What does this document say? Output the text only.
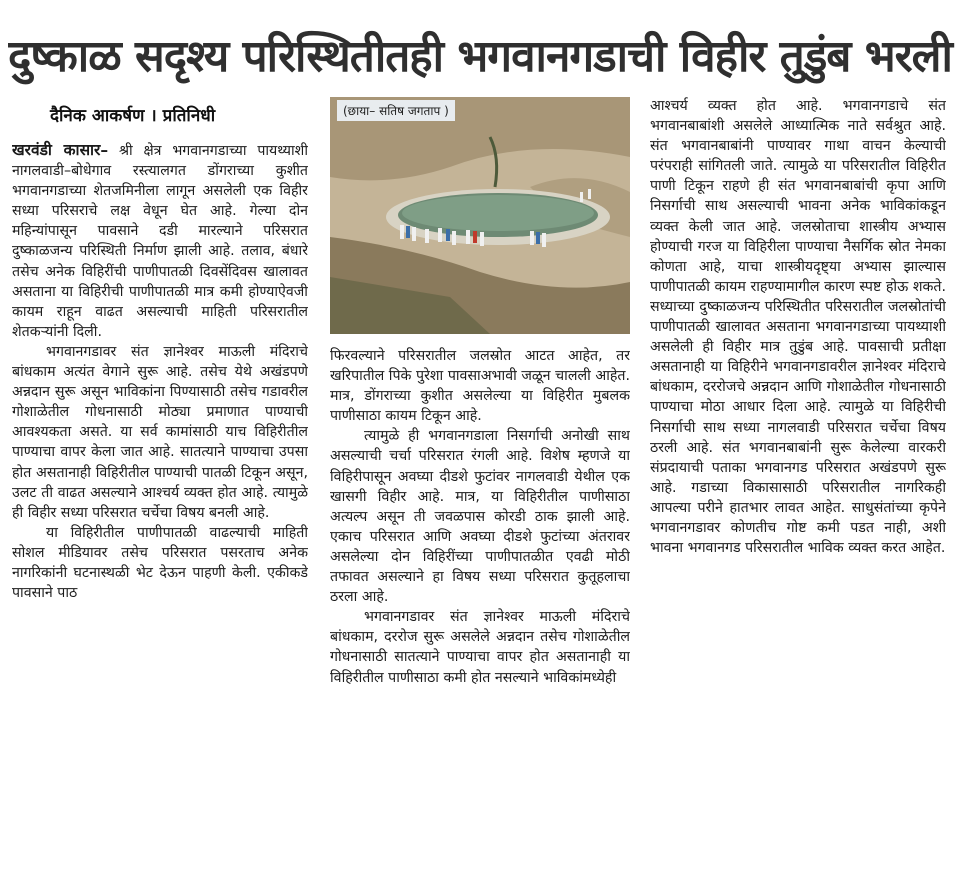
दुष्काळ सदृश्य परिस्थितीतही भगवानगडाची विहीर तुडुंब भरली
दैनिक आकर्षण । प्रतिनिधी	(छाया– सतिष जगताप )

खरवंडी कासार– श्री क्षेत्र भगवानगडाच्या पायथ्याशी नागलवाडी–बोधेगाव रस्त्यालगत डोंगराच्या कुशीत भगवानगडाच्या शेतजमिनीला लागून असलेली एक विहीर सध्या परिसराचे लक्ष वेधून घेत आहे. गेल्या दोन महिन्यांपासून पावसाने दडी मारल्याने परिसरात दुष्काळजन्य परिस्थिती निर्माण झाली आहे. तलाव, बंधारे तसेच अनेक विहिरींची पाणीपातळी दिवसेंदिवस खालावत असताना या विहिरीची पाणीपातळी मात्र कमी होण्याऐवजी कायम राहून वाढत असल्याची माहिती परिसरातील शेतकऱ्यांनी दिली.

भगवानगडावर संत ज्ञानेश्वर माऊली मंदिराचे बांधकाम अत्यंत वेगाने सुरू आहे. तसेच येथे अखंडपणे अन्नदान सुरू असून भाविकांना पिण्यासाठी तसेच गडावरील गोशाळेतील गोधनासाठी मोठ्या प्रमाणात पाण्याची आवश्यकता असते. या सर्व कामांसाठी याच विहिरीतील पाण्याचा वापर केला जात आहे. सातत्याने पाण्याचा उपसा होत असतानाही विहिरीतील पाण्याची पातळी टिकून असून, उलट ती वाढत असल्याने आश्चर्य व्यक्त होत आहे. त्यामुळे ही विहीर सध्या परिसरात चर्चेचा विषय बनली आहे.

या विहिरीतील पाणीपातळी वाढल्याची माहिती सोशल मीडियावर तसेच परिसरात पसरताच अनेक नागरिकांनी घटनास्थळी भेट देऊन पाहणी केली. एकीकडे पावसाने पाठ

फिरवल्याने परिसरातील जलस्रोत आटत आहेत, तर खरिपातील पिके पुरेशा पावसाअभावी जळून चालली आहेत. मात्र, डोंगराच्या कुशीत असलेल्या या विहिरीत मुबलक पाणीसाठा कायम टिकून आहे.

त्यामुळे ही भगवानगडाला निसर्गाची अनोखी साथ असल्याची चर्चा परिसरात रंगली आहे. विशेष म्हणजे या विहिरीपासून अवघ्या दीडशे फुटांवर नागलवाडी येथील एक खासगी विहीर आहे. मात्र, या विहिरीतील पाणीसाठा अत्यल्प असून ती जवळपास कोरडी ठाक झाली आहे. एकाच परिसरात आणि अवघ्या दीडशे फुटांच्या अंतरावर असलेल्या दोन विहिरींच्या पाणीपातळीत एवढी मोठी तफावत असल्याने हा विषय सध्या परिसरात कुतूहलाचा ठरला आहे.

भगवानगडावर संत ज्ञानेश्वर माऊली मंदिराचे बांधकाम, दररोज सुरू असलेले अन्नदान तसेच गोशाळेतील गोधनासाठी सातत्याने पाण्याचा वापर होत असतानाही या विहिरीतील पाणीसाठा कमी होत नसल्याने भाविकांमध्येही

आश्चर्य व्यक्त होत आहे. भगवानगडाचे संत भगवानबाबांशी असलेले आध्यात्मिक नाते सर्वश्रुत आहे. संत भगवानबाबांनी पाण्यावर गाथा वाचन केल्याची परंपराही सांगितली जाते. त्यामुळे या परिसरातील विहिरीत पाणी टिकून राहणे ही संत भगवानबाबांची कृपा आणि निसर्गाची साथ असल्याची भावना अनेक भाविकांकडून व्यक्त केली जात आहे. जलस्रोताचा शास्त्रीय अभ्यास होण्याची गरज या विहिरीला पाण्याचा नैसर्गिक स्रोत नेमका कोणता आहे, याचा शास्त्रीयदृष्ट्या अभ्यास झाल्यास पाणीपातळी कायम राहण्यामागील कारण स्पष्ट होऊ शकते. सध्याच्या दुष्काळजन्य परिस्थितीत परिसरातील जलस्रोतांची पाणीपातळी खालावत असताना भगवानगडाच्या पायथ्याशी असलेली ही विहीर मात्र तुडुंब आहे. पावसाची प्रतीक्षा असतानाही या विहिरीने भगवानगडावरील ज्ञानेश्वर मंदिराचे बांधकाम, दररोजचे अन्नदान आणि गोशाळेतील गोधनासाठी पाण्याचा मोठा आधार दिला आहे. त्यामुळे या विहिरीची निसर्गाची साथ सध्या नागलवाडी परिसरात चर्चेचा विषय ठरली आहे. संत भगवानबाबांनी सुरू केलेल्या वारकरी संप्रदायाची पताका भगवानगड परिसरात अखंडपणे सुरू आहे. गडाच्या विकासासाठी परिसरातील नागरिकही आपल्या परीने हातभार लावत आहेत. साधुसंतांच्या कृपेने भगवानगडावर कोणतीच गोष्ट कमी पडत नाही, अशी भावना भगवानगड परिसरातील भाविक व्यक्त करत आहेत.
